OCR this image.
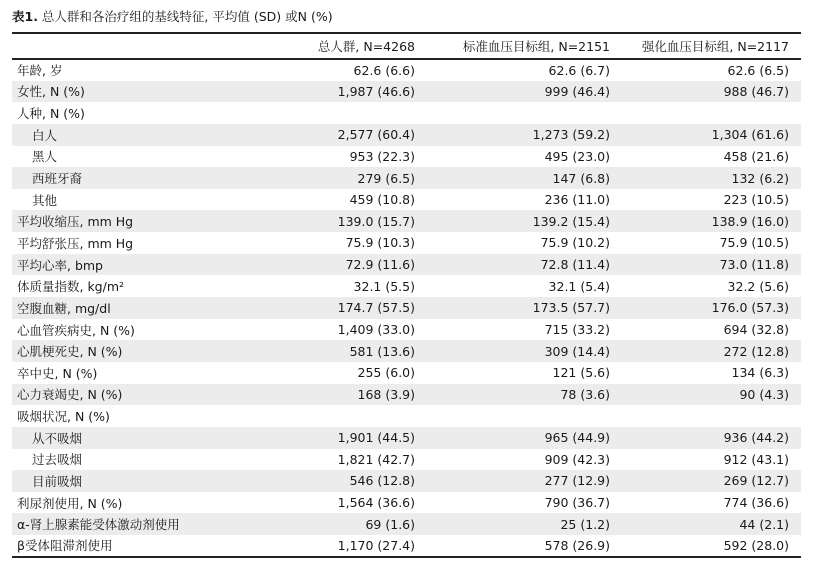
表1. 总人群和各治疗组的基线特征, 平均值 (SD) 或N (%)
	总人群, N=4268	标准血压目标组, N=2151	强化血压目标组, N=2117
年龄, 岁	62.6 (6.6)	62.6 (6.7)	62.6 (6.5)
女性, N (%)	1,987 (46.6)	999 (46.4)	988 (46.7)
人种, N (%)			
白人	2,577 (60.4)	1,273 (59.2)	1,304 (61.6)
黑人	953 (22.3)	495 (23.0)	458 (21.6)
西班牙裔	279 (6.5)	147 (6.8)	132 (6.2)
其他	459 (10.8)	236 (11.0)	223 (10.5)
平均收缩压, mm Hg	139.0 (15.7)	139.2 (15.4)	138.9 (16.0)
平均舒张压, mm Hg	75.9 (10.3)	75.9 (10.2)	75.9 (10.5)
平均心率, bmp	72.9 (11.6)	72.8 (11.4)	73.0 (11.8)
体质量指数, kg/m²	32.1 (5.5)	32.1 (5.4)	32.2 (5.6)
空腹血糖, mg/dl	174.7 (57.5)	173.5 (57.7)	176.0 (57.3)
心血管疾病史, N (%)	1,409 (33.0)	715 (33.2)	694 (32.8)
心肌梗死史, N (%)	581 (13.6)	309 (14.4)	272 (12.8)
卒中史, N (%)	255 (6.0)	121 (5.6)	134 (6.3)
心力衰竭史, N (%)	168 (3.9)	78 (3.6)	90 (4.3)
吸烟状况, N (%)			
从不吸烟	1,901 (44.5)	965 (44.9)	936 (44.2)
过去吸烟	1,821 (42.7)	909 (42.3)	912 (43.1)
目前吸烟	546 (12.8)	277 (12.9)	269 (12.7)
利尿剂使用, N (%)	1,564 (36.6)	790 (36.7)	774 (36.6)
α-肾上腺素能受体激动剂使用	69 (1.6)	25 (1.2)	44 (2.1)
β受体阻滞剂使用	1,170 (27.4)	578 (26.9)	592 (28.0)
